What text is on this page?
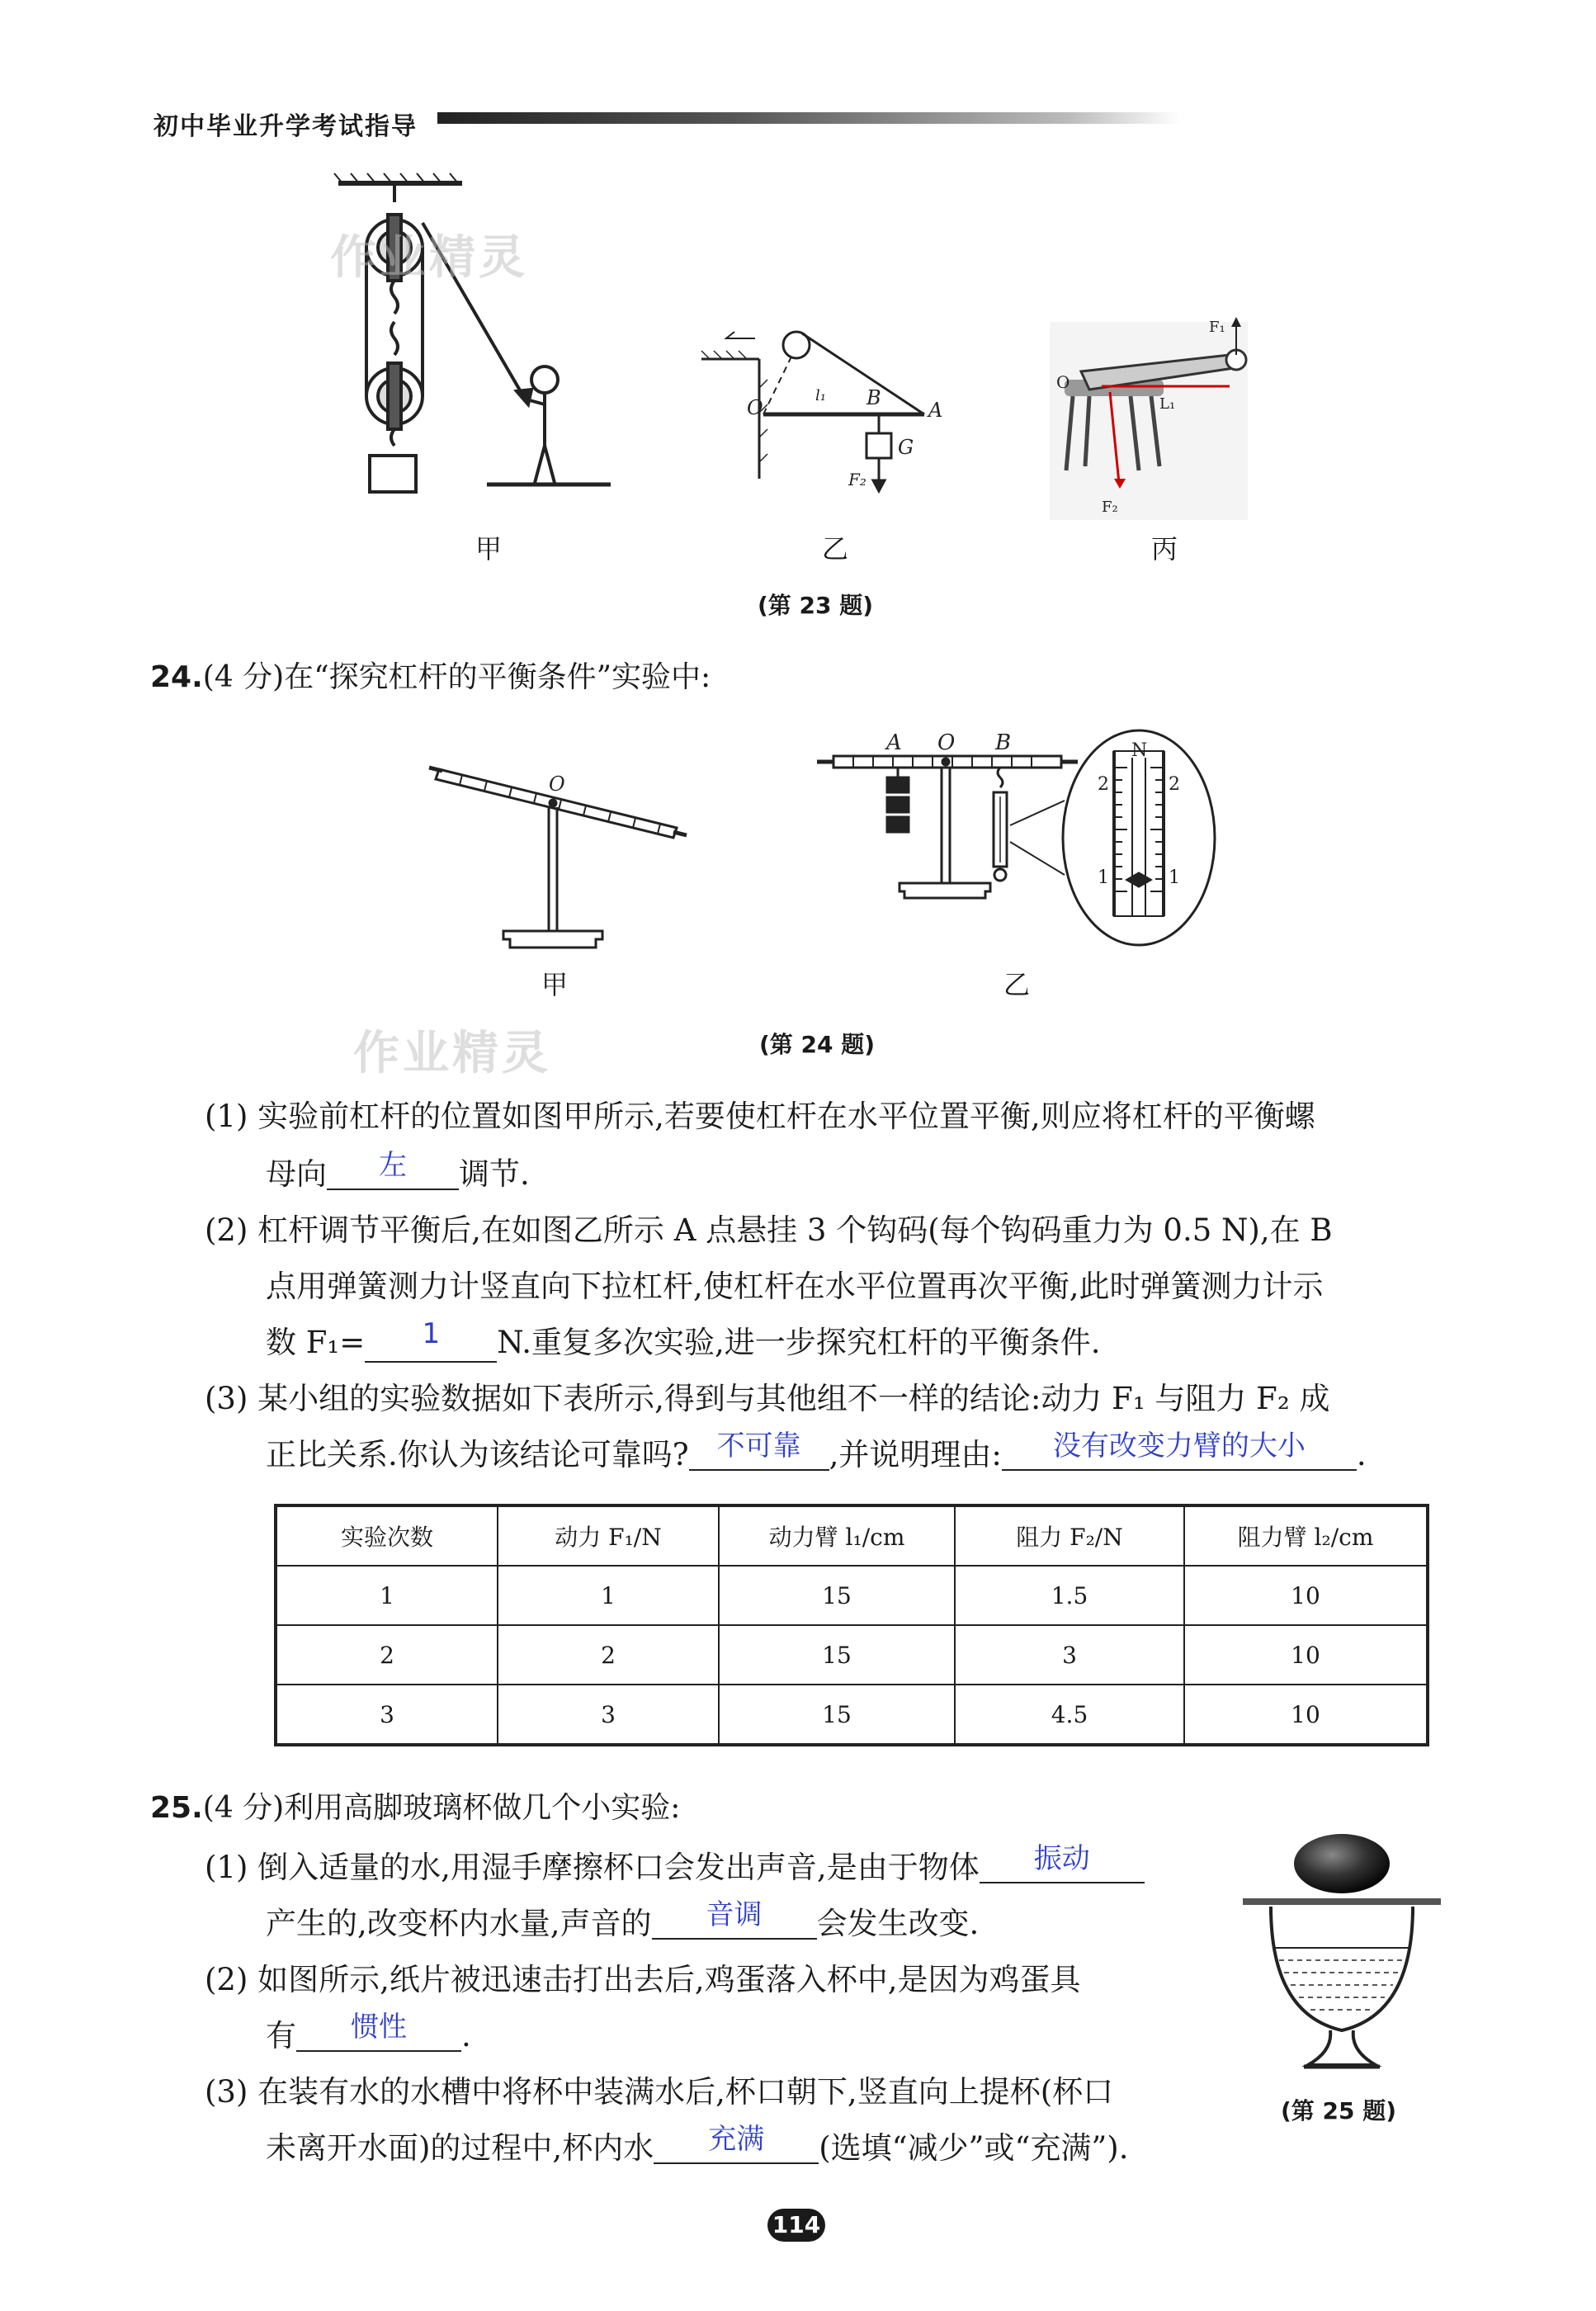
初中毕业升学考试指导
O
l₁ B
A
G
F₂
O
F₁
L₁
F₂
作业精灵
甲	乙	丙
(第 23 题)
24.(4 分)在“探究杠杆的平衡条件”实验中:
O
A O B	N
2	2
1	1
甲	乙
作业精灵	(第 24 题)
(1) 实验前杠杆的位置如图甲所示,若要使杠杆在水平位置平衡,则应将杠杆的平衡螺
母向 左 调节.
(2) 杠杆调节平衡后,在如图乙所示 A 点悬挂 3 个钩码(每个钩码重力为 0.5 N),在 B
点用弹簧测力计竖直向下拉杠杆,使杠杆在水平位置再次平衡,此时弹簧测力计示
数 F₁= 1 N.重复多次实验,进一步探究杠杆的平衡条件.
(3) 某小组的实验数据如下表所示,得到与其他组不一样的结论:动力 F₁ 与阻力 F₂ 成
正比关系.你认为该结论可靠吗? 不可靠 ,并说明理由: 没有改变力臂的大小 .
实验次数	动力 F₁/N	动力臂 l₁/cm	阻力 F₂/N	阻力臂 l₂/cm
1	1	15	1.5	10
2	2	15	3	10
3	3	15	4.5	10
25.(4 分)利用高脚玻璃杯做几个小实验:
(1) 倒入适量的水,用湿手摩擦杯口会发出声音,是由于物体 振动
产生的,改变杯内水量,声音的 音调 会发生改变.
(2) 如图所示,纸片被迅速击打出去后,鸡蛋落入杯中,是因为鸡蛋具
有 惯性 .
(3) 在装有水的水槽中将杯中装满水后,杯口朝下,竖直向上提杯(杯口
未离开水面)的过程中,杯内水 充满 (选填“减少”或“充满”).
(第 25 题)
114
